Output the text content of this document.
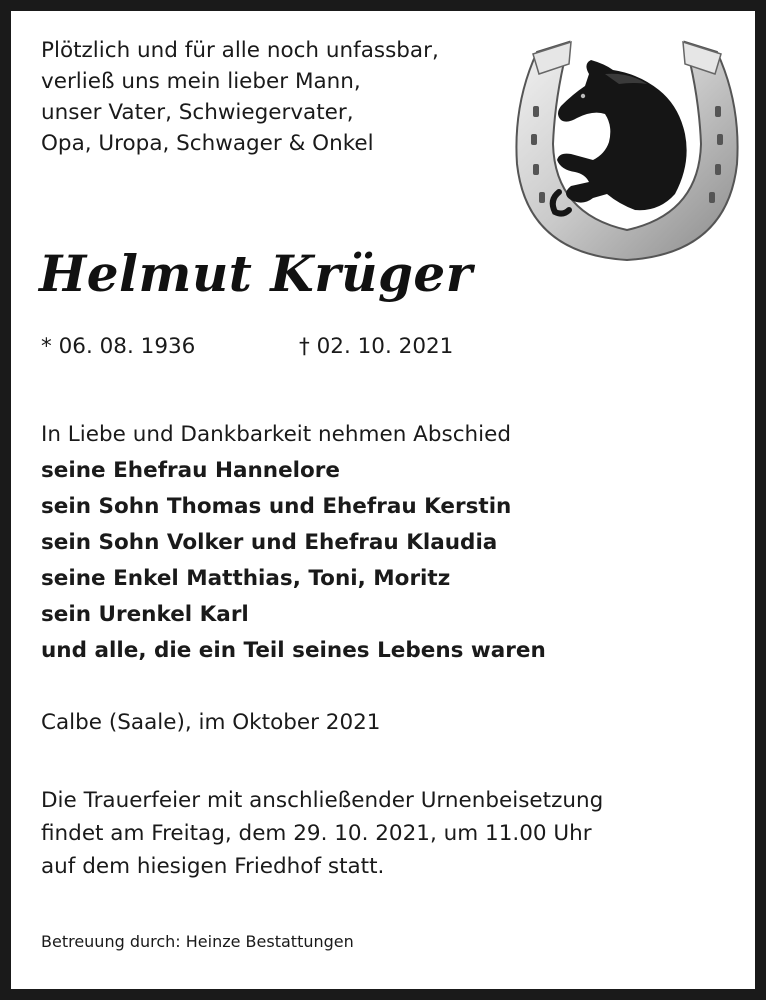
Plötzlich und für alle noch unfassbar,
verließ uns mein lieber Mann,
unser Vater, Schwiegervater,
Opa, Uropa, Schwager & Onkel
Helmut Krüger
* 06. 08. 1936	† 02. 10. 2021
In Liebe und Dankbarkeit nehmen Abschied
seine Ehefrau Hannelore
sein Sohn Thomas und Ehefrau Kerstin
sein Sohn Volker und Ehefrau Klaudia
seine Enkel Matthias, Toni, Moritz
sein Urenkel Karl
und alle, die ein Teil seines Lebens waren
Calbe (Saale), im Oktober 2021
Die Trauerfeier mit anschließender Urnenbeisetzung
findet am Freitag, dem 29. 10. 2021, um 11.00 Uhr
auf dem hiesigen Friedhof statt.
Betreuung durch: Heinze Bestattungen
